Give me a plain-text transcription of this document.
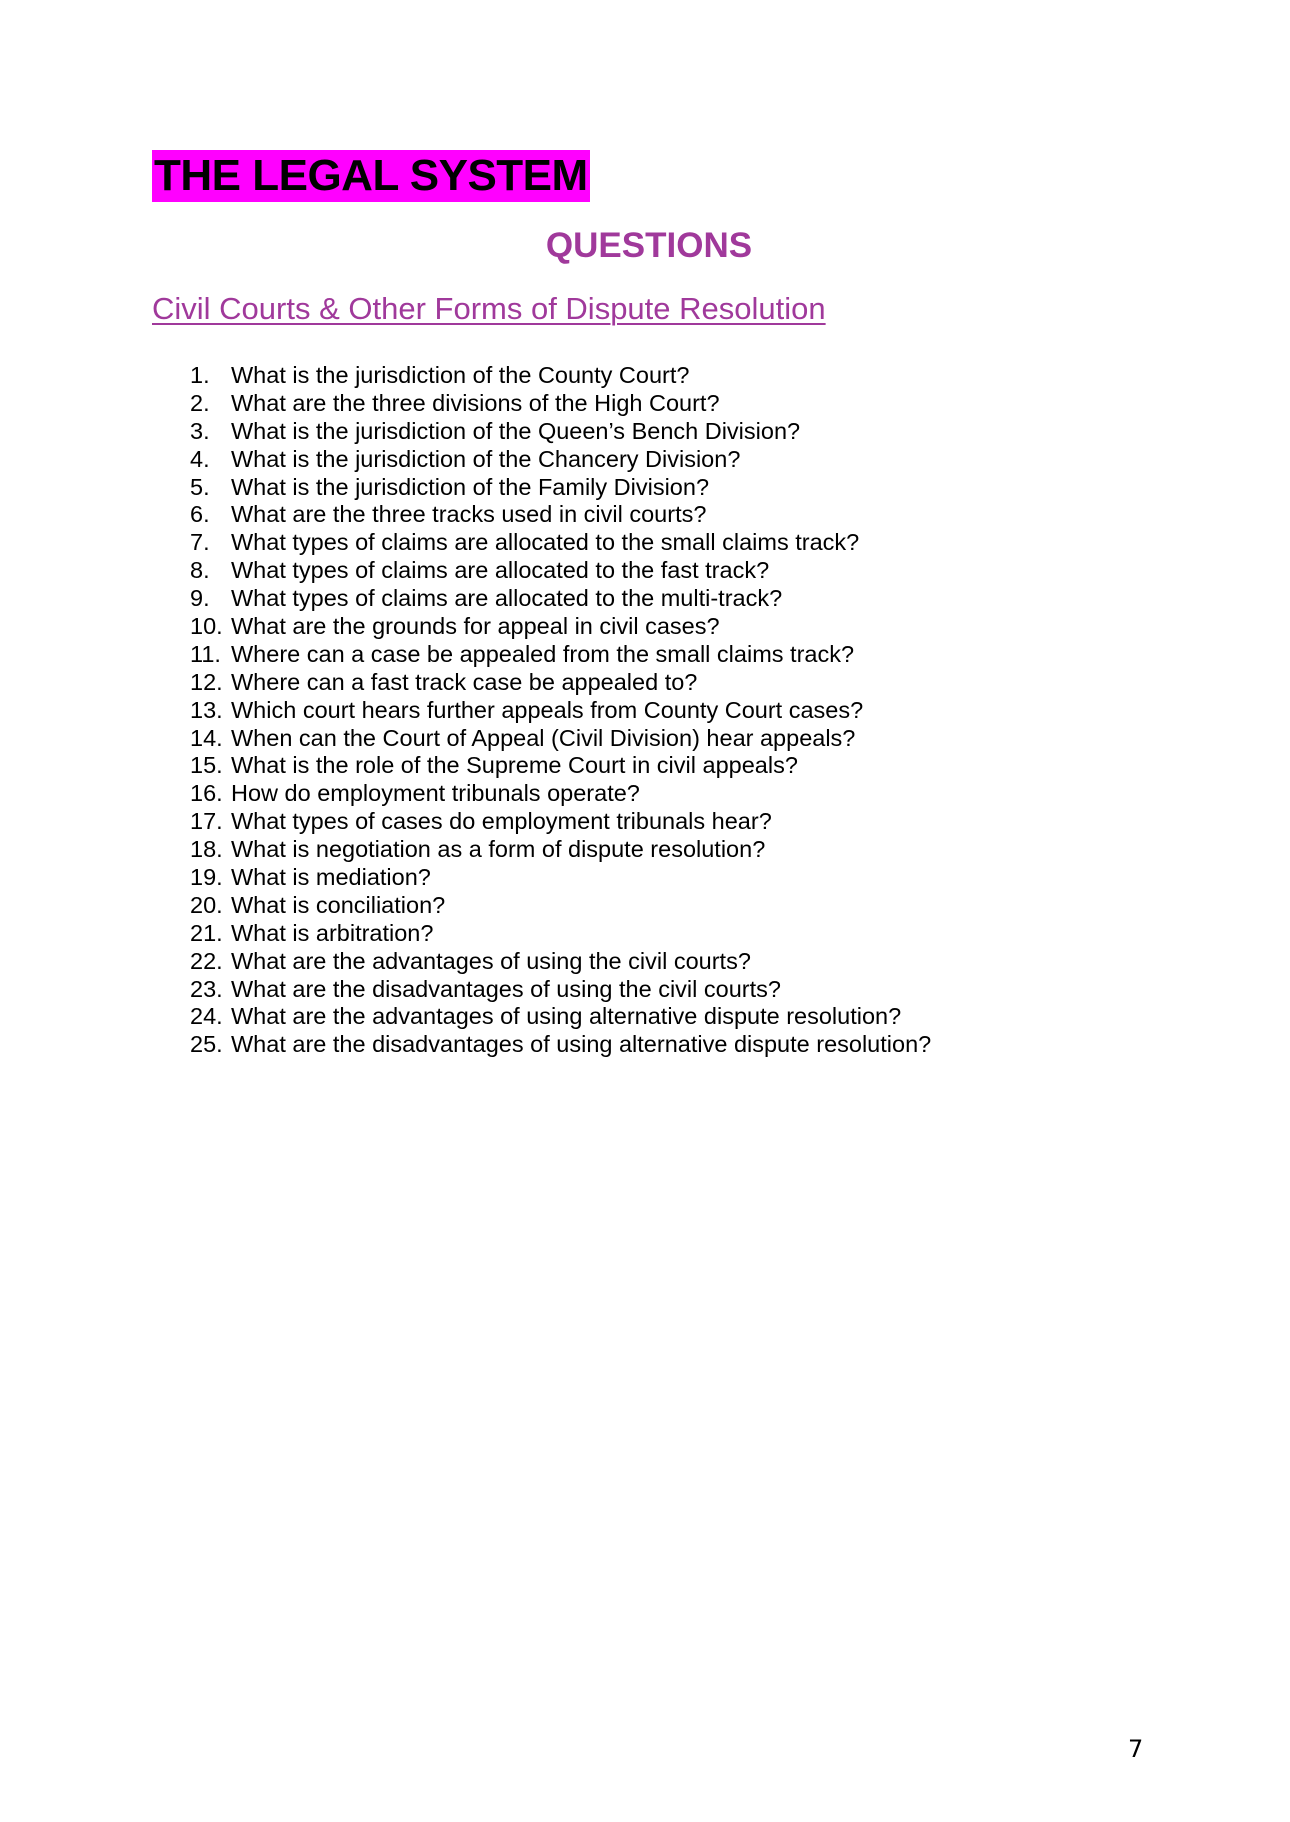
THE LEGAL SYSTEM
QUESTIONS
Civil Courts & Other Forms of Dispute Resolution
1. What is the jurisdiction of the County Court?
2. What are the three divisions of the High Court?
3. What is the jurisdiction of the Queen’s Bench Division?
4. What is the jurisdiction of the Chancery Division?
5. What is the jurisdiction of the Family Division?
6. What are the three tracks used in civil courts?
7. What types of claims are allocated to the small claims track?
8. What types of claims are allocated to the fast track?
9. What types of claims are allocated to the multi-track?
10. What are the grounds for appeal in civil cases?
11. Where can a case be appealed from the small claims track?
12. Where can a fast track case be appealed to?
13. Which court hears further appeals from County Court cases?
14. When can the Court of Appeal (Civil Division) hear appeals?
15. What is the role of the Supreme Court in civil appeals?
16. How do employment tribunals operate?
17. What types of cases do employment tribunals hear?
18. What is negotiation as a form of dispute resolution?
19. What is mediation?
20. What is conciliation?
21. What is arbitration?
22. What are the advantages of using the civil courts?
23. What are the disadvantages of using the civil courts?
24. What are the advantages of using alternative dispute resolution?
25. What are the disadvantages of using alternative dispute resolution?
7
